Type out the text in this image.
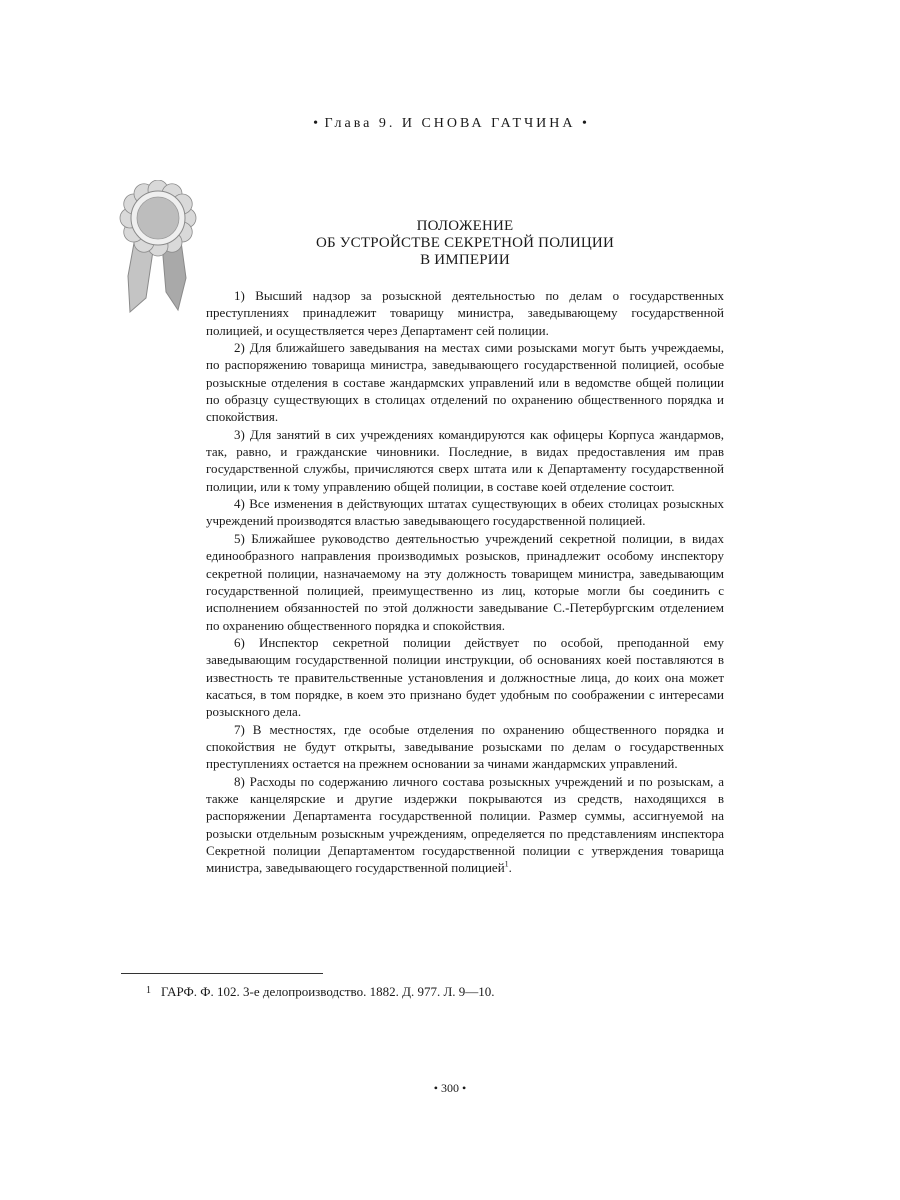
• Глава 9. И СНОВА ГАТЧИНА •
ПОЛОЖЕНИЕ
ОБ УСТРОЙСТВЕ СЕКРЕТНОЙ ПОЛИЦИИ
В ИМПЕРИИ

1) Высший надзор за розыскной деятельностью по делам о государственных преступлениях принадлежит товарищу министра, заведывающему государственной полицией, и осуществляется через Департамент сей полиции.

2) Для ближайшего заведывания на местах сими розысками могут быть учреждаемы, по распоряжению товарища министра, заведывающего государственной полицией, особые розыскные отделения в составе жандармских управлений или в ведомстве общей полиции по образцу существующих в столицах отделений по охранению общественного порядка и спокойствия.

3) Для занятий в сих учреждениях командируются как офицеры Корпуса жандармов, так, равно, и гражданские чиновники. Последние, в видах предоставления им прав государственной службы, причисляются сверх штата или к Департаменту государственной полиции, или к тому управлению общей полиции, в составе коей отделение состоит.

4) Все изменения в действующих штатах существующих в обеих столицах розыскных учреждений производятся властью заведывающего государственной полицией.

5) Ближайшее руководство деятельностью учреждений секретной полиции, в видах единообразного направления производимых розысков, принадлежит особому инспектору секретной полиции, назначаемому на эту должность товарищем министра, заведывающим государственной полицией, преимущественно из лиц, которые могли бы соединить с исполнением обязанностей по этой должности заведывание С.-Петербургским отделением по охранению общественного порядка и спокойствия.

6) Инспектор секретной полиции действует по особой, преподанной ему заведывающим государственной полиции инструкции, об основаниях коей поставляются в известность те правительственные установления и должностные лица, до коих она может касаться, в том порядке, в коем это признано будет удобным по соображении с интересами розыскного дела.

7) В местностях, где особые отделения по охранению общественного порядка и спокойствия не будут открыты, заведывание розысками по делам о государственных преступлениях остается на прежнем основании за чинами жандармских управлений.

8) Расходы по содержанию личного состава розыскных учреждений и по розыскам, а также канцелярские и другие издержки покрываются из средств, находящихся в распоряжении Департамента государственной полиции. Размер суммы, ассигнуемой на розыски отдельным розыскным учреждениям, определяется по представлениям инспектора Секретной полиции Департаментом государственной полиции с утверждения товарища министра, заведывающего государственной полицией$^1$.

1 ГАРФ. Ф. 102. 3-е делопроизводство. 1882. Д. 977. Л. 9—10.
• 300 •
